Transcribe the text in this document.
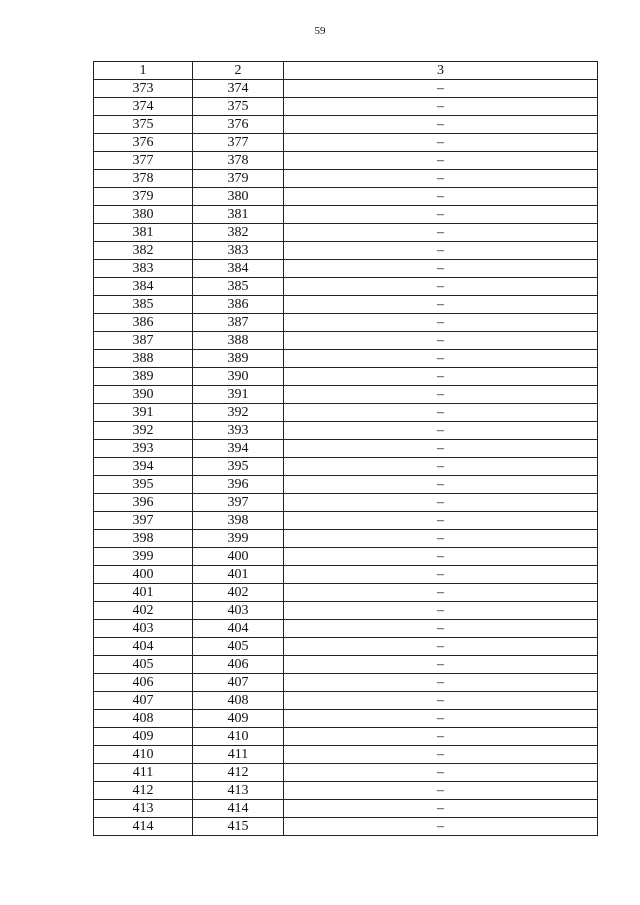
59
1	2	3
373	374	–
374	375	–
375	376	–
376	377	–
377	378	–
378	379	–
379	380	–
380	381	–
381	382	–
382	383	–
383	384	–
384	385	–
385	386	–
386	387	–
387	388	–
388	389	–
389	390	–
390	391	–
391	392	–
392	393	–
393	394	–
394	395	–
395	396	–
396	397	–
397	398	–
398	399	–
399	400	–
400	401	–
401	402	–
402	403	–
403	404	–
404	405	–
405	406	–
406	407	–
407	408	–
408	409	–
409	410	–
410	411	–
411	412	–
412	413	–
413	414	–
414	415	–
